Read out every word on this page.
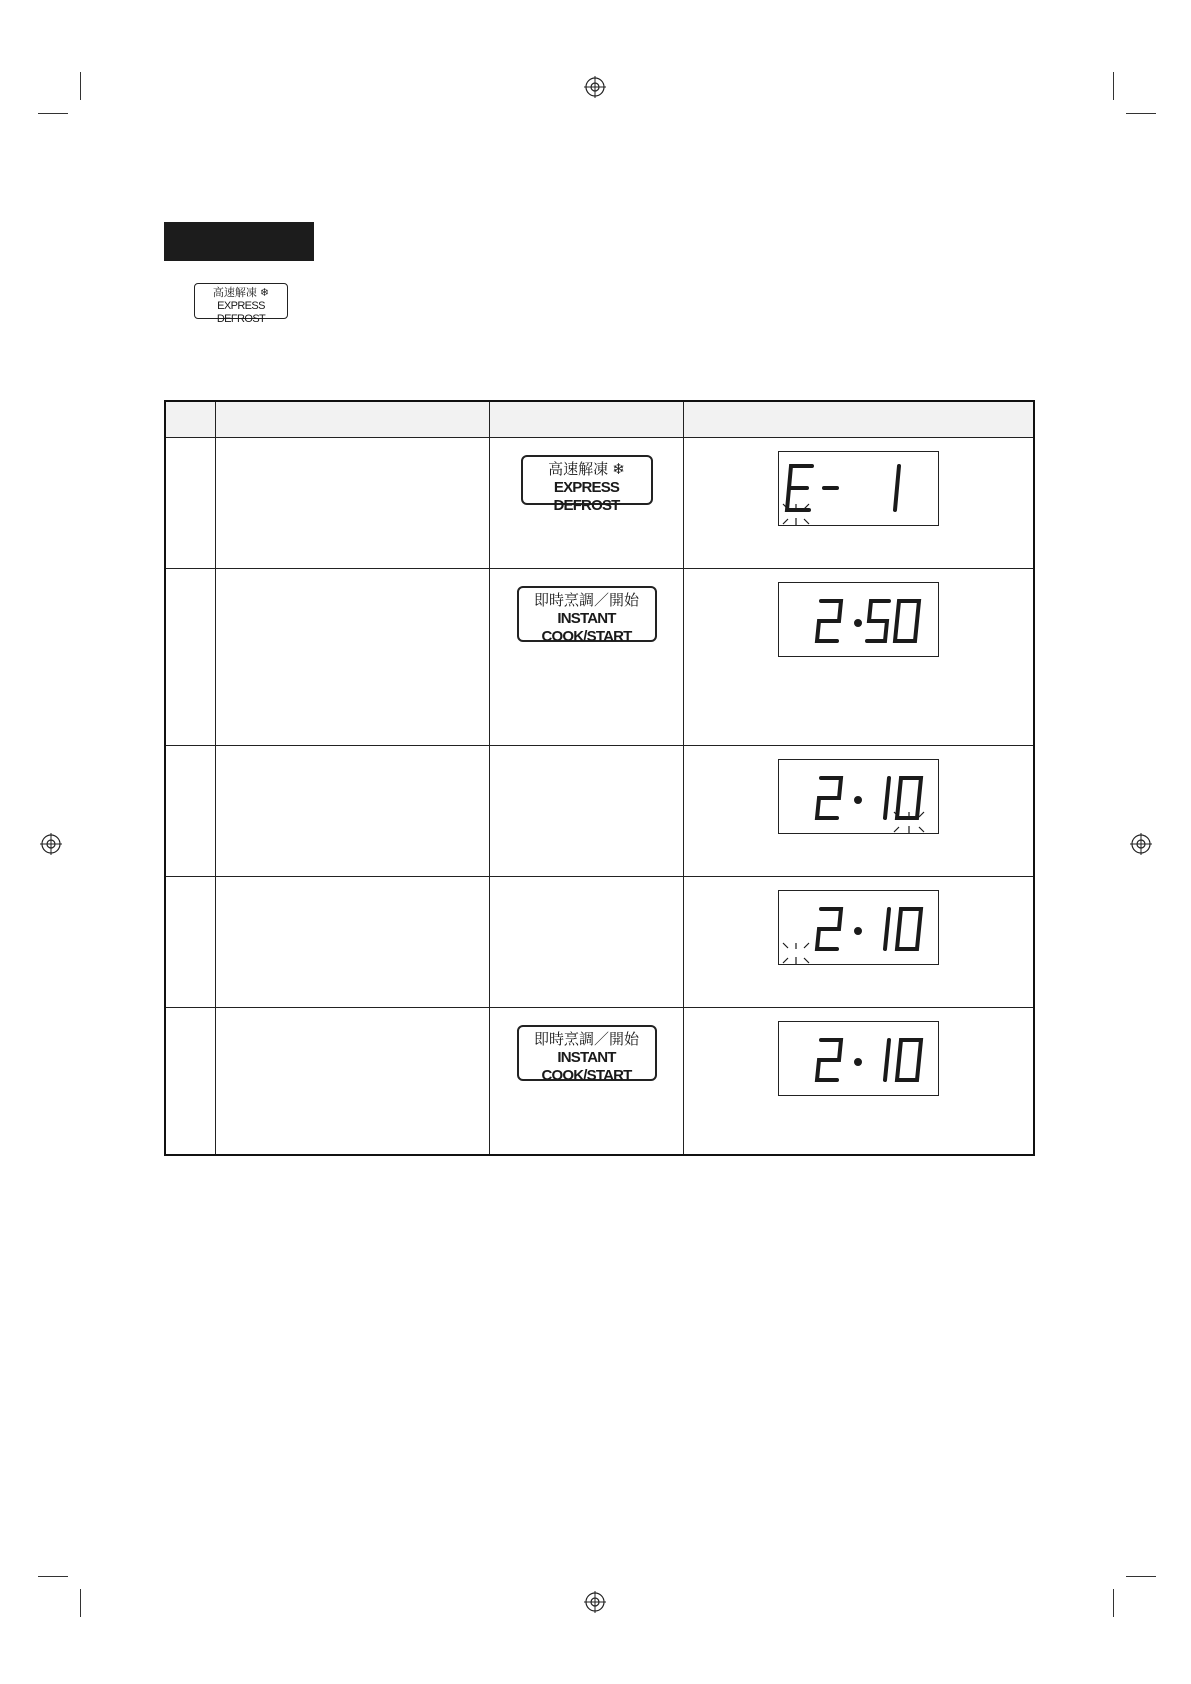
高速解凍 ❄
EXPRESS DEFROST

		高速解凍 ❄
EXPRESS DEFROST

		即時烹調／開始
INSTANT COOK/START

		即時烹調／開始
INSTANT COOK/START
